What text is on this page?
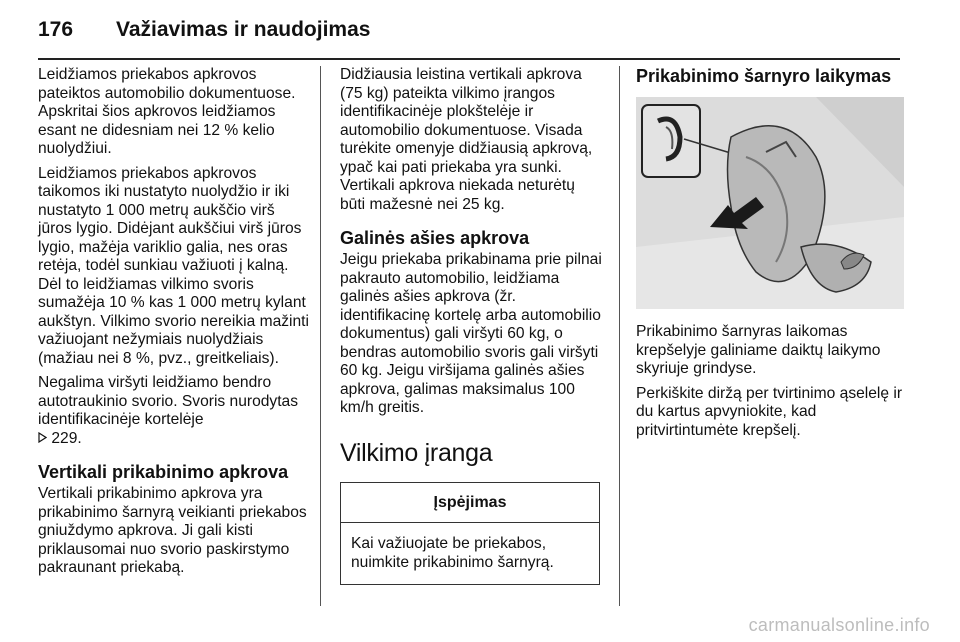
176 Važiavimas ir naudojimas

Leidžiamos priekabos apkrovos pateiktos automobilio dokumentuose. Apskritai šios apkrovos leidžiamos esant ne didesniam nei 12 % kelio nuolydžiui.

Leidžiamos priekabos apkrovos taikomos iki nustatyto nuolydžio ir iki nustatyto 1 000 metrų aukščio virš jūros lygio. Didėjant aukščiui virš jūros lygio, mažėja variklio galia, nes oras retėja, todėl sunkiau važiuoti į kalną. Dėl to leidžiamas vilkimo svoris sumažėja 10 % kas 1 000 metrų kylant aukštyn. Vilkimo svorio nereikia mažinti važiuojant nežymiais nuolydžiais (mažiau nei 8 %, pvz., greitkeliais).

Negalima viršyti leidžiamo bendro autotraukinio svorio. Svoris nurodytas identifikacinėje kortelėje
229.

Vertikali prikabinimo apkrova

Vertikali prikabinimo apkrova yra prikabinimo šarnyrą veikianti priekabos gniuždymo apkrova. Ji gali kisti priklausomai nuo svorio paskirstymo pakraunant priekabą.

Didžiausia leistina vertikali apkrova (75 kg) pateikta vilkimo įrangos identifikacinėje plokštelėje ir automobilio dokumentuose. Visada turėkite omenyje didžiausią apkrovą, ypač kai pati priekaba yra sunki. Vertikali apkrova niekada neturėtų būti mažesnė nei 25 kg.

Galinės ašies apkrova

Jeigu priekaba prikabinama prie pilnai pakrauto automobilio, leidžiama galinės ašies apkrova (žr. identifikacinę kortelę arba automobilio dokumentus) gali viršyti 60 kg, o bendras automobilio svoris gali viršyti 60 kg. Jeigu viršijama galinės ašies apkrova, galimas maksimalus 100 km/h greitis.

Vilkimo įranga
Įspėjimas
Kai važiuojate be priekabos, nuimkite prikabinimo šarnyrą.
Prikabinimo šarnyro laikymas

Prikabinimo šarnyras laikomas krepšelyje galiniame daiktų laikymo skyriuje grindyse.

Perkiškite diržą per tvirtinimo ąselelę ir du kartus apvyniokite, kad pritvirtintumėte krepšelį.

carmanualsonline.info
